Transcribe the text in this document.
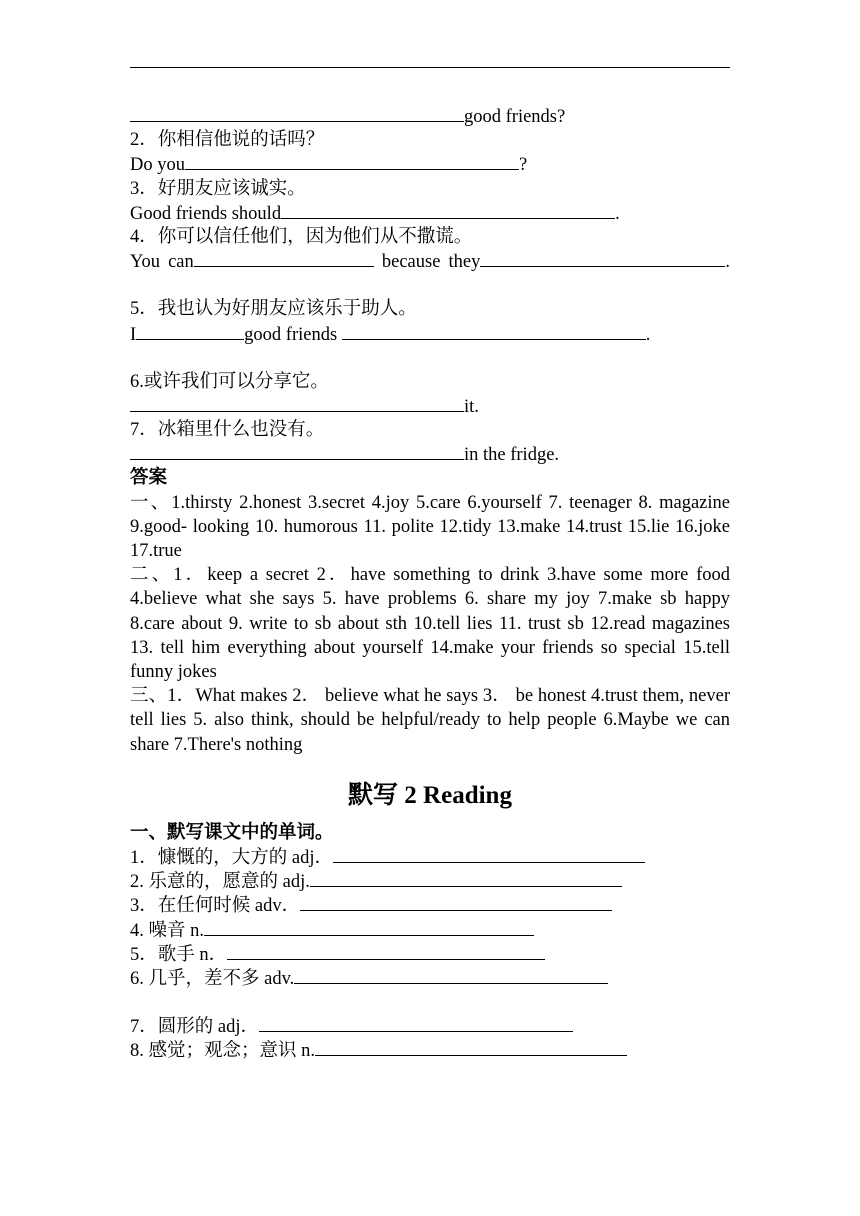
good friends?
2．你相信他说的话吗？
Do you	?
3．好朋友应该诚实。
Good friends should	.
4．你可以信任他们，因为他们从不撒谎。
You can	because they	.
5．我也认为好朋友应该乐于助人。
I	good friends	.
6.或许我们可以分享它。
it.
7．冰箱里什么也没有。
in the fridge.
答案
一、1.thirsty 2.honest 3.secret 4.joy 5.care 6.yourself 7. teenager 8. magazine 9.good- looking 10. humorous 11. polite 12.tidy 13.make 14.trust 15.lie 16.joke 17.true
二、1．keep a secret 2．have something to drink 3.have some more food 4.believe what she says 5. have problems 6. share my joy 7.make sb happy 8.care about 9. write to sb about sth 10.tell lies 11. trust sb 12.read magazines 13. tell him everything about yourself 14.make your friends so special 15.tell funny jokes
三、1．What makes 2． believe what he says 3． be honest 4.trust them, never tell lies 5. also think, should be helpful/ready to help people 6.Maybe we can share 7.There's nothing
默写 2 Reading
一、默写课文中的单词。
1．慷慨的，大方的 adj．
2. 乐意的，愿意的 adj.
3．在任何时候 adv．
4. 噪音 n.
5．歌手 n．
6. 几乎，差不多 adv.
7．圆形的 adj．
8. 感觉；观念；意识 n.
